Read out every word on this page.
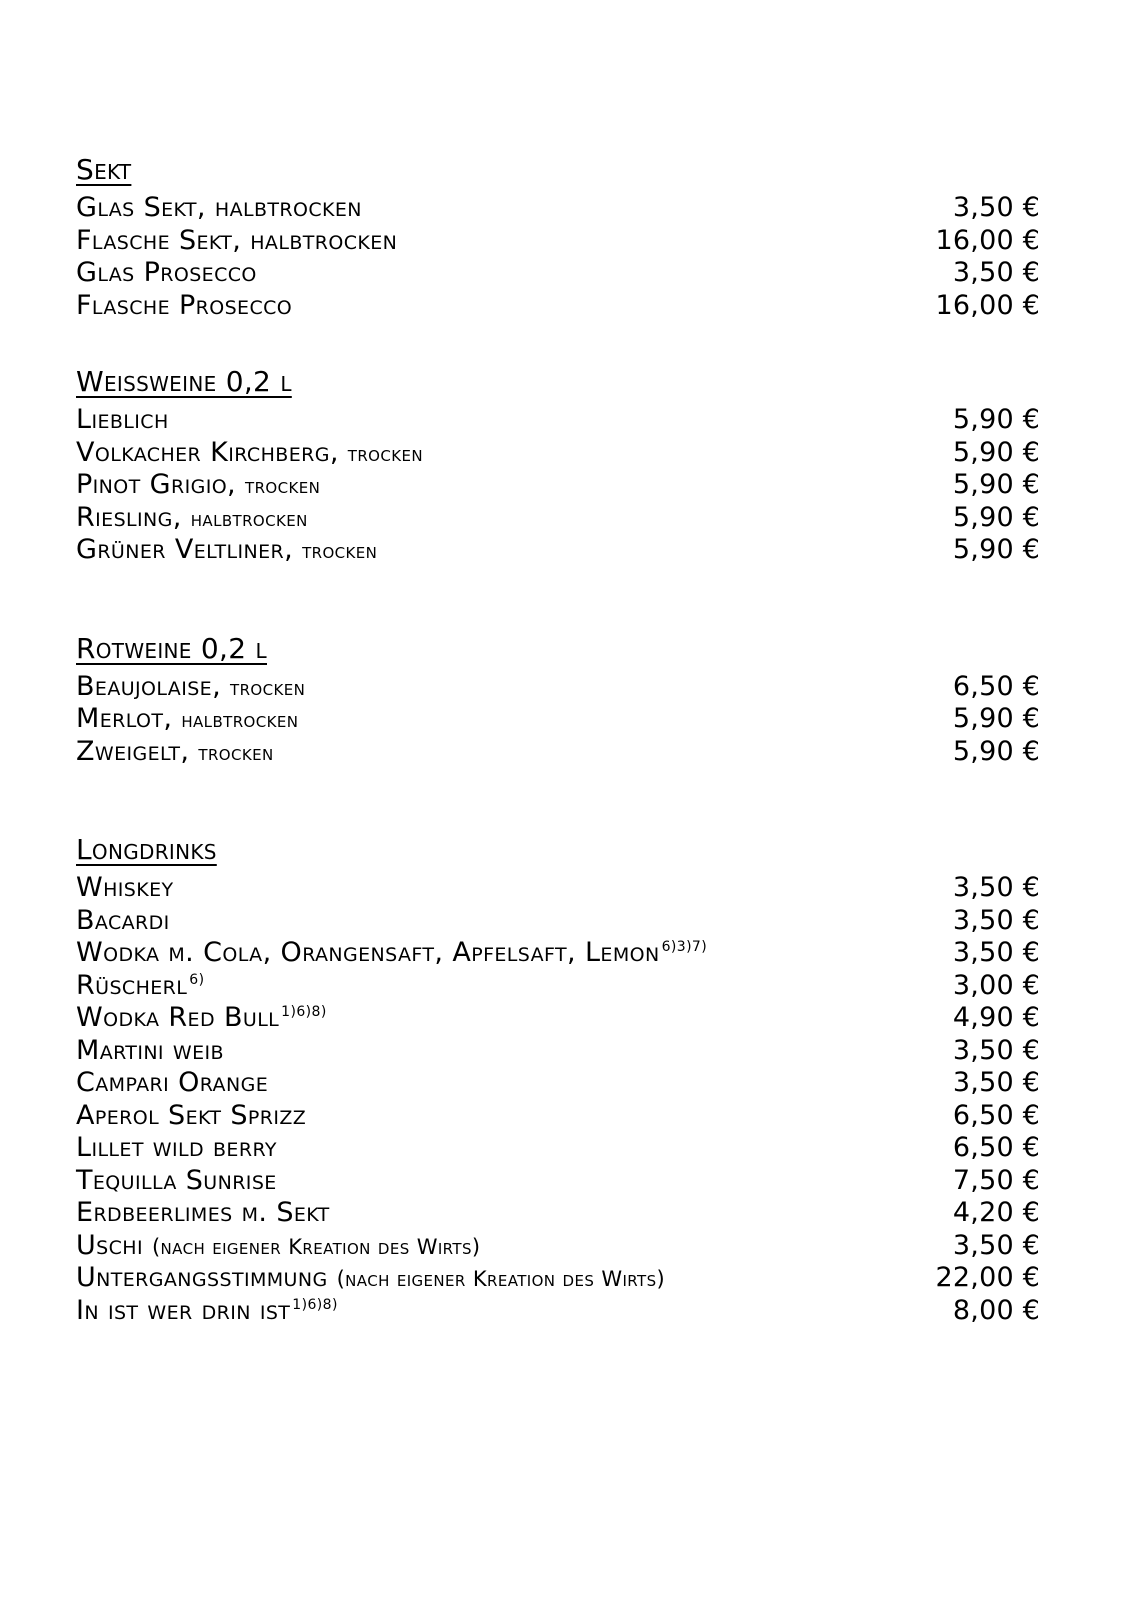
Sekt
Glas Sekt, halbtrocken	3,50 €
Flasche Sekt, halbtrocken	16,00 €
Glas Prosecco	3,50 €
Flasche Prosecco	16,00 €
Weissweine 0,2 l
Lieblich	5,90 €
Volkacher Kirchberg, trocken	5,90 €
Pinot Grigio, trocken	5,90 €
Riesling, halbtrocken	5,90 €
Grüner Veltliner, trocken	5,90 €
Rotweine 0,2 l
Beaujolaise, trocken	6,50 €
Merlot, halbtrocken	5,90 €
Zweigelt, trocken	5,90 €
Longdrinks
Whiskey	3,50 €
Bacardi	3,50 €
Wodka m. Cola, Orangensaft, Apfelsaft, Lemon $^{6)3)7)}$	3,50 €
Rüscherl $^{6)}$	3,00 €
Wodka Red Bull $^{1)6)8)}$	4,90 €
Martini weiβ	3,50 €
Campari Orange	3,50 €
Aperol Sekt Sprizz	6,50 €
Lillet wild berry	6,50 €
Tequilla Sunrise	7,50 €
Erdbeerlimes m. Sekt	4,20 €
Uschi (nach eigener Kreation des Wirts)	3,50 €
Untergangsstimmung (nach eigener Kreation des Wirts)	22,00 €
In ist wer drin ist $^{1)6)8)}$	8,00 €
